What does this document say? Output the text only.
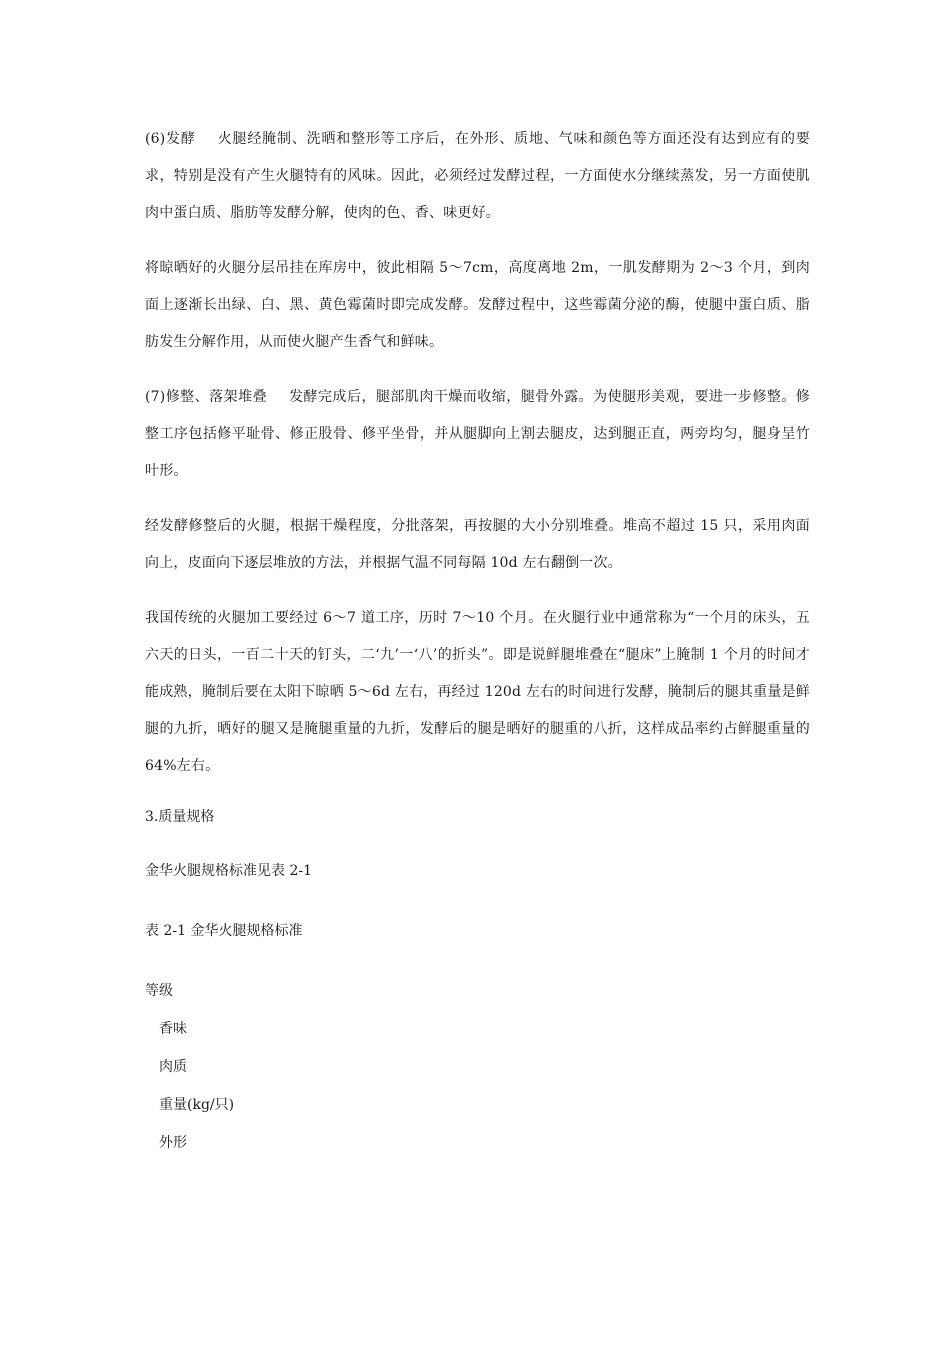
(6)发酵 火腿经腌制、洗晒和整形等工序后，在外形、质地、气味和颜色等方面还没有达到应有的要求，特别是没有产生火腿特有的风味。因此，必须经过发酵过程，一方面使水分继续蒸发，另一方面使肌肉中蛋白质、脂肪等发酵分解，使肉的色、香、味更好。

将晾晒好的火腿分层吊挂在库房中，彼此相隔 5～7cm，高度离地 2m，一肌发酵期为 2～3 个月，到肉面上逐渐长出绿、白、黑、黄色霉菌时即完成发酵。发酵过程中，这些霉菌分泌的酶，使腿中蛋白质、脂肪发生分解作用，从而使火腿产生香气和鲜味。

(7)修整、落架堆叠 发酵完成后，腿部肌肉干燥而收缩，腿骨外露。为使腿形美观，要进一步修整。修整工序包括修平耻骨、修正股骨、修平坐骨，并从腿脚向上割去腿皮，达到腿正直，两旁均匀，腿身呈竹叶形。

经发酵修整后的火腿，根据干燥程度，分批落架，再按腿的大小分别堆叠。堆高不超过 15 只，采用肉面向上，皮面向下逐层堆放的方法，并根据气温不同每隔 10d 左右翻倒一次。

我国传统的火腿加工要经过 6～7 道工序，历时 7～10 个月。在火腿行业中通常称为“一个月的床头，五六天的日头，一百二十天的钉头，二‘九’一‘八’的折头”。即是说鲜腿堆叠在“腿床”上腌制 1 个月的时间才能成熟，腌制后要在太阳下晾晒 5～6d 左右，再经过 120d 左右的时间进行发酵，腌制后的腿其重量是鲜腿的九折，晒好的腿又是腌腿重量的九折，发酵后的腿是晒好的腿重的八折，这样成品率约占鲜腿重量的 64%左右。

3.质量规格

金华火腿规格标准见表 2-1

表 2-1 金华火腿规格标准

等级

香味
肉质
重量(kg/只)
外形
